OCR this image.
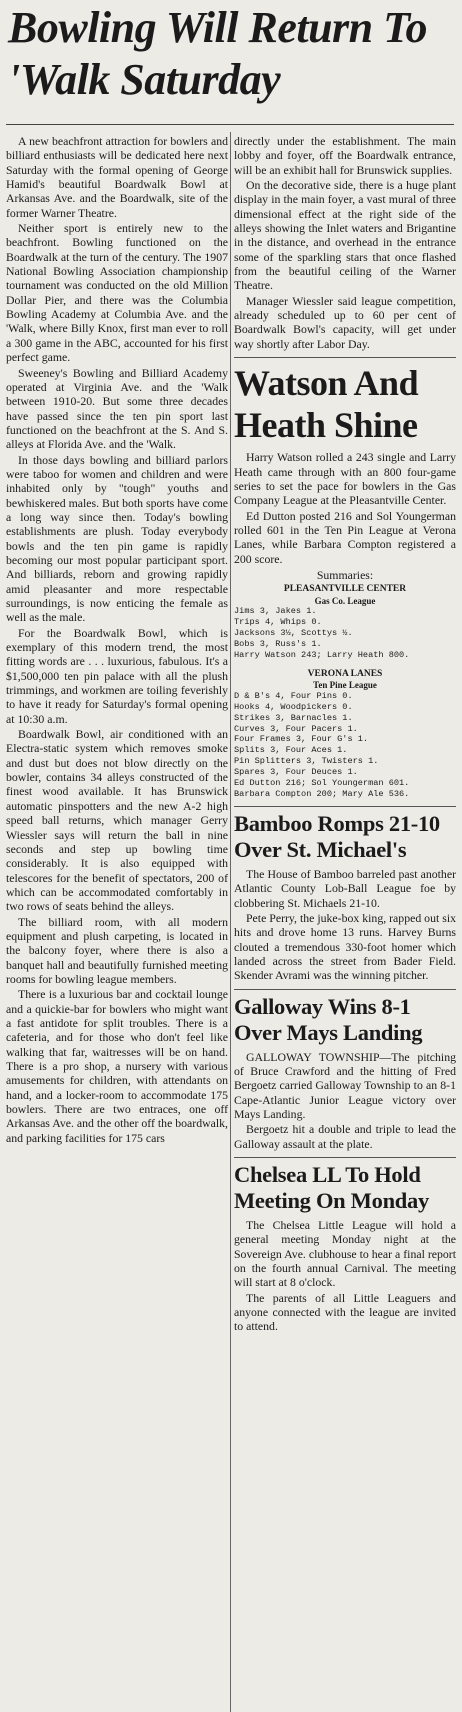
Bowling Will Return To 'Walk Saturday

A new beachfront attraction for bowlers and billiard enthusiasts will be dedicated here next Saturday with the formal opening of George Hamid's beautiful Boardwalk Bowl at Arkansas Ave. and the Boardwalk, site of the former Warner Theatre.

Neither sport is entirely new to the beachfront. Bowling functioned on the Boardwalk at the turn of the century. The 1907 National Bowling Association championship tournament was conducted on the old Million Dollar Pier, and there was the Columbia Bowling Academy at Columbia Ave. and the 'Walk, where Billy Knox, first man ever to roll a 300 game in the ABC, accounted for his first perfect game.

Sweeney's Bowling and Billiard Academy operated at Virginia Ave. and the 'Walk between 1910-20. But some three decades have passed since the ten pin sport last functioned on the beachfront at the S. And S. alleys at Florida Ave. and the 'Walk.

In those days bowling and billiard parlors were taboo for women and children and were inhabited only by "tough" youths and bewhiskered males. But both sports have come a long way since then. Today's bowling establishments are plush. Today everybody bowls and the ten pin game is rapidly becoming our most popular participant sport. And billiards, reborn and growing rapidly amid pleasanter and more respectable surroundings, is now enticing the female as well as the male.

For the Boardwalk Bowl, which is exemplary of this modern trend, the most fitting words are . . . luxurious, fabulous. It's a $1,500,000 ten pin palace with all the plush trimmings, and workmen are toiling feverishly to have it ready for Saturday's formal opening at 10:30 a.m.

Boardwalk Bowl, air conditioned with an Electra-static system which removes smoke and dust but does not blow directly on the bowler, contains 34 alleys constructed of the finest wood available. It has Brunswick automatic pinspotters and the new A-2 high speed ball returns, which manager Gerry Wiessler says will return the ball in nine seconds and step up bowling time considerably. It is also equipped with telescores for the benefit of spectators, 200 of which can be accommodated comfortably in two rows of seats behind the alleys.

The billiard room, with all modern equipment and plush carpeting, is located in the balcony foyer, where there is also a banquet hall and beautifully furnished meeting rooms for bowling league members.

There is a luxurious bar and cocktail lounge and a quickie-bar for bowlers who might want a fast antidote for split troubles. There is a cafeteria, and for those who don't feel like walking that far, waitresses will be on hand. There is a pro shop, a nursery with various amusements for children, with attendants on hand, and a locker-room to accommodate 175 bowlers. There are two entraces, one off Arkansas Ave. and the other off the boardwalk, and parking facilities for 175 cars

directly under the establishment. The main lobby and foyer, off the Boardwalk entrance, will be an exhibit hall for Brunswick supplies.

On the decorative side, there is a huge plant display in the main foyer, a vast mural of three dimensional effect at the right side of the alleys showing the Inlet waters and Brigantine in the distance, and overhead in the entrance some of the sparkling stars that once flashed from the beautiful ceiling of the Warner Theatre.

Manager Wiessler said league competition, already scheduled up to 60 per cent of Boardwalk Bowl's capacity, will get under way shortly after Labor Day.

Watson And Heath Shine

Harry Watson rolled a 243 single and Larry Heath came through with an 800 four-game series to set the pace for bowlers in the Gas Company League at the Pleasantville Center.

Ed Dutton posted 216 and Sol Youngerman rolled 601 in the Ten Pin League at Verona Lanes, while Barbara Compton registered a 200 score.

Summaries:
PLEASANTVILLE CENTER
Gas Co. League
Jims 3, Jakes 1.
Trips 4, Whips 0.
Jacksons 3½, Scottys ½.
Bobs 3, Russ's 1.
Harry Watson 243; Larry Heath 800.
VERONA LANES
Ten Pine League
D & B's 4, Four Pins 0.
Hooks 4, Woodpickers 0.
Strikes 3, Barnacles 1.
Curves 3, Four Pacers 1.
Four Frames 3, Four G's 1.
Splits 3, Four Aces 1.
Pin Splitters 3, Twisters 1.
Spares 3, Four Deuces 1.
Ed Dutton 216; Sol Youngerman 601.
Barbara Compton 200; Mary Ale 536.
Bamboo Romps 21-10 Over St. Michael's

The House of Bamboo barreled past another Atlantic County Lob-Ball League foe by clobbering St. Michaels 21-10.

Pete Perry, the juke-box king, rapped out six hits and drove home 13 runs. Harvey Burns clouted a tremendous 330-foot homer which landed across the street from Bader Field. Skender Avrami was the winning pitcher.

Galloway Wins 8-1 Over Mays Landing

GALLOWAY TOWNSHIP—The pitching of Bruce Crawford and the hitting of Fred Bergoetz carried Galloway Township to an 8-1 Cape-Atlantic Junior League victory over Mays Landing.

Bergoetz hit a double and triple to lead the Galloway assault at the plate.

Chelsea LL To Hold Meeting On Monday

The Chelsea Little League will hold a general meeting Monday night at the Sovereign Ave. clubhouse to hear a final report on the fourth annual Carnival. The meeting will start at 8 o'clock.

The parents of all Little Leaguers and anyone connected with the league are invited to attend.
